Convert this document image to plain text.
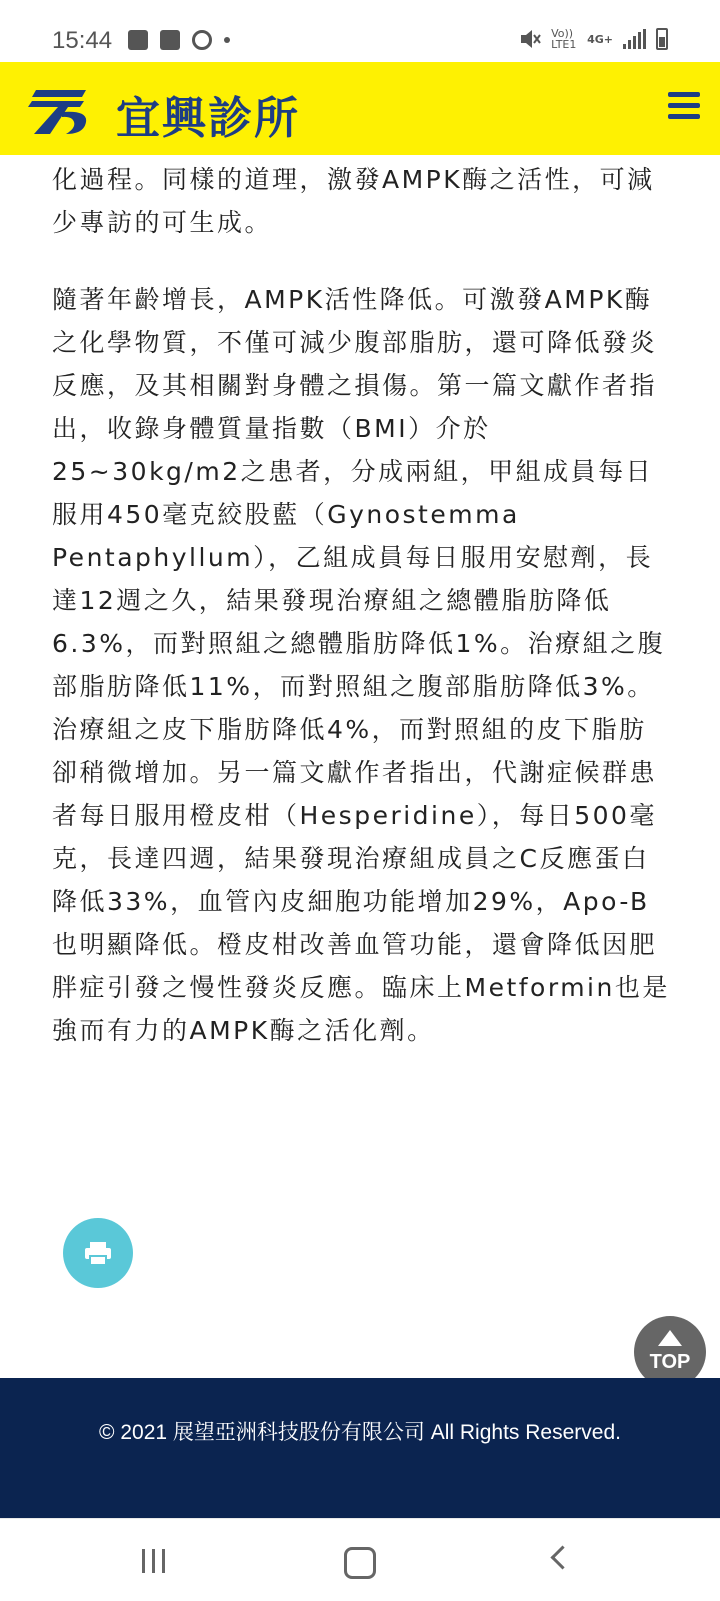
15:44	Vo)) LTE1 4G+
宜興診所

化過程。同樣的道理，激發AMPK酶之活性，可減少專訪的可生成。

隨著年齡增長，AMPK活性降低。可激發AMPK酶之化學物質，不僅可減少腹部脂肪，還可降低發炎反應，及其相關對身體之損傷。第一篇文獻作者指出，收錄身體質量指數（BMI）介於25~30kg/m2之患者，分成兩組，甲組成員每日服用450毫克絞股藍（Gynostemma Pentaphyllum），乙組成員每日服用安慰劑，長達12週之久，結果發現治療組之總體脂肪降低6.3%，而對照組之總體脂肪降低1%。治療組之腹部脂肪降低11%，而對照組之腹部脂肪降低3%。治療組之皮下脂肪降低4%，而對照組的皮下脂肪卻稍微增加。另一篇文獻作者指出，代謝症候群患者每日服用橙皮柑（Hesperidine），每日500毫克，長達四週，結果發現治療組成員之C反應蛋白降低33%，血管內皮細胞功能增加29%，Apo-B也明顯降低。橙皮柑改善血管功能，還會降低因肥胖症引發之慢性發炎反應。臨床上Metformin也是強而有力的AMPK酶之活化劑。

TOP
© 2021 展望亞洲科技股份有限公司 All Rights Reserved.
